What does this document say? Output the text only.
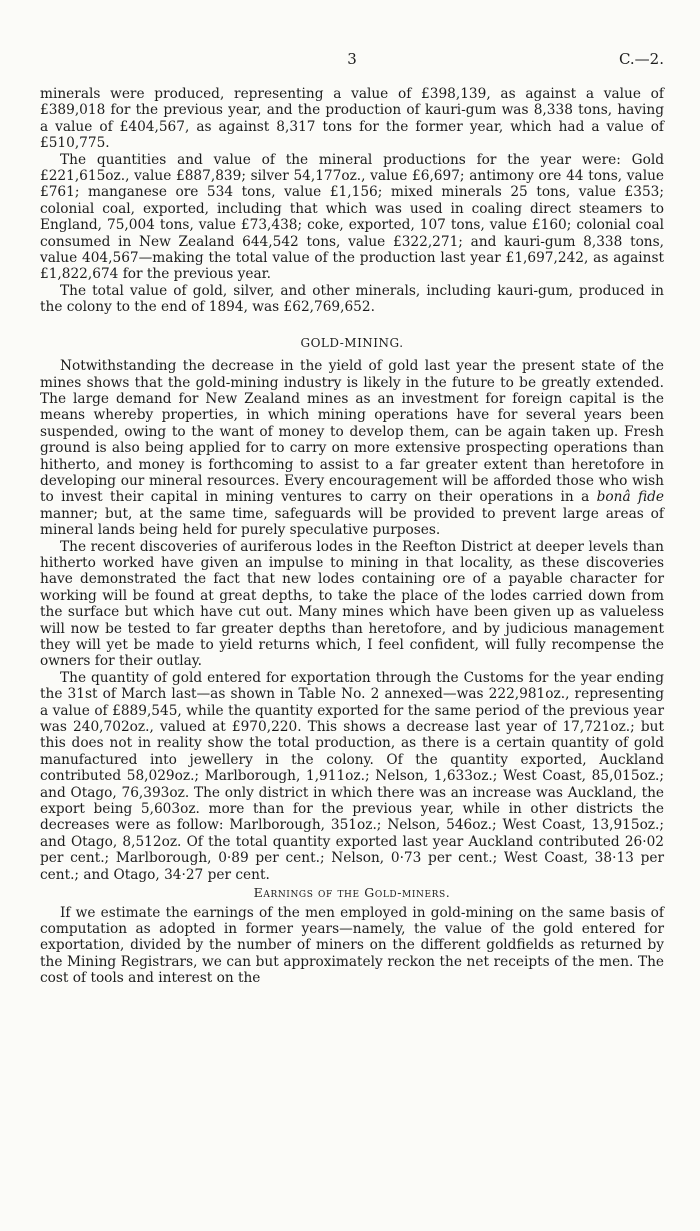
3	C.—2.

minerals were produced, representing a value of £398,139, as against a value of £389,018 for the previous year, and the production of kauri-gum was 8,338 tons, having a value of £404,567, as against 8,317 tons for the former year, which had a value of £510,775.

The quantities and value of the mineral productions for the year were: Gold £221,615oz., value £887,839; silver 54,177oz., value £6,697; antimony ore 44 tons, value £761; manganese ore 534 tons, value £1,156; mixed minerals 25 tons, value £353; colonial coal, exported, including that which was used in coaling direct steamers to England, 75,004 tons, value £73,438; coke, exported, 107 tons, value £160; colonial coal consumed in New Zealand 644,542 tons, value £322,271; and kauri-gum 8,338 tons, value 404,567—making the total value of the production last year £1,697,242, as against £1,822,674 for the previous year.

The total value of gold, silver, and other minerals, including kauri-gum, produced in the colony to the end of 1894, was £62,769,652.

GOLD-MINING.

Notwithstanding the decrease in the yield of gold last year the present state of the mines shows that the gold-mining industry is likely in the future to be greatly extended. The large demand for New Zealand mines as an investment for foreign capital is the means whereby properties, in which mining operations have for several years been suspended, owing to the want of money to develop them, can be again taken up. Fresh ground is also being applied for to carry on more extensive prospecting operations than hitherto, and money is forthcoming to assist to a far greater extent than heretofore in developing our mineral resources. Every encouragement will be afforded those who wish to invest their capital in mining ventures to carry on their operations in a bonâ fide manner; but, at the same time, safeguards will be provided to prevent large areas of mineral lands being held for purely speculative purposes.

The recent discoveries of auriferous lodes in the Reefton District at deeper levels than hitherto worked have given an impulse to mining in that locality, as these discoveries have demonstrated the fact that new lodes containing ore of a payable character for working will be found at great depths, to take the place of the lodes carried down from the surface but which have cut out. Many mines which have been given up as valueless will now be tested to far greater depths than heretofore, and by judicious management they will yet be made to yield returns which, I feel confident, will fully recompense the owners for their outlay.

The quantity of gold entered for exportation through the Customs for the year ending the 31st of March last—as shown in Table No. 2 annexed—was 222,981oz., representing a value of £889,545, while the quantity exported for the same period of the previous year was 240,702oz., valued at £970,220. This shows a decrease last year of 17,721oz.; but this does not in reality show the total production, as there is a certain quantity of gold manufactured into jewellery in the colony. Of the quantity exported, Auckland contributed 58,029oz.; Marlborough, 1,911oz.; Nelson, 1,633oz.; West Coast, 85,015oz.; and Otago, 76,393oz. The only district in which there was an increase was Auckland, the export being 5,603oz. more than for the previous year, while in other districts the decreases were as follow: Marlborough, 351oz.; Nelson, 546oz.; West Coast, 13,915oz.; and Otago, 8,512oz. Of the total quantity exported last year Auckland contributed 26·02 per cent.; Marlborough, 0·89 per cent.; Nelson, 0·73 per cent.; West Coast, 38·13 per cent.; and Otago, 34·27 per cent.

Earnings of the Gold-miners.

If we estimate the earnings of the men employed in gold-mining on the same basis of computation as adopted in former years—namely, the value of the gold entered for exportation, divided by the number of miners on the different goldfields as returned by the Mining Registrars, we can but approximately reckon the net receipts of the men. The cost of tools and interest on the
